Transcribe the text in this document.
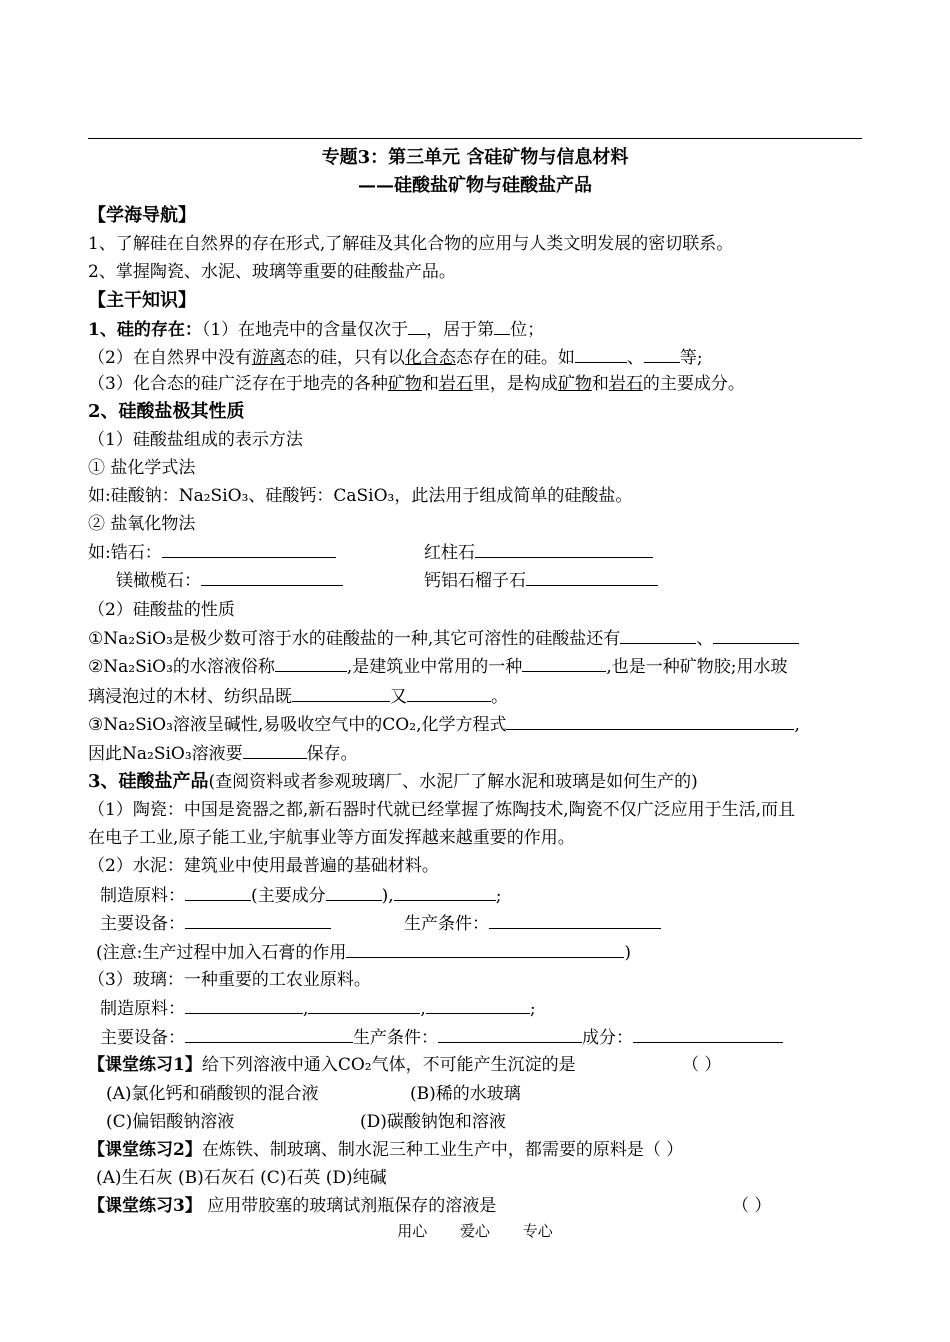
专题3：第三单元 含硅矿物与信息材料
——硅酸盐矿物与硅酸盐产品
【学海导航】
1、了解硅在自然界的存在形式,了解硅及其化合物的应用与人类文明发展的密切联系。
2、掌握陶瓷、水泥、玻璃等重要的硅酸盐产品。
【主干知识】
1、硅的存在：（1）在地壳中的含量仅次于 ，居于第 位；
（2）在自然界中没有游离态的硅，只有以化合态态存在的硅。如	、 等;
（3）化合态的硅广泛存在于地壳的各种矿物和岩石里，是构成矿物和岩石的主要成分。
2、硅酸盐极其性质
（1）硅酸盐组成的表示方法
① 盐化学式法
如:硅酸钠：Na₂SiO₃、硅酸钙：CaSiO₃，此法用于组成简单的硅酸盐。
② 盐氧化物法
如:锆石：	红柱石
镁橄榄石：	钙铝石榴子石
（2）硅酸盐的性质
①Na₂SiO₃是极少数可溶于水的硅酸盐的一种,其它可溶性的硅酸盐还有	、
②Na₂SiO₃的水溶液俗称	,是建筑业中常用的一种	,也是一种矿物胶;用水玻
璃浸泡过的木材、纺织品既	又	。
③Na₂SiO₃溶液呈碱性,易吸收空气中的CO₂,化学方程式	,
因此Na₂SiO₃溶液要	保存。
3、硅酸盐产品(查阅资料或者参观玻璃厂、水泥厂了解水泥和玻璃是如何生产的)
（1）陶瓷：中国是瓷器之都,新石器时代就已经掌握了炼陶技术,陶瓷不仅广泛应用于生活,而且
在电子工业,原子能工业,宇航事业等方面发挥越来越重要的作用。
（2）水泥：建筑业中使用最普遍的基础材料。
制造原料：	(主要成分	),	;
主要设备：	生产条件：
(注意:生产过程中加入石膏的作用	)
（3）玻璃：一种重要的工农业原料。
制造原料：	,	,	;
主要设备：	生产条件：	成分：
【课堂练习1】给下列溶液中通入CO₂气体，不可能产生沉淀的是	（ ）
(A)氯化钙和硝酸钡的混合液	(B)稀的水玻璃
(C)偏铝酸钠溶液	(D)碳酸钠饱和溶液
【课堂练习2】在炼铁、制玻璃、制水泥三种工业生产中，都需要的原料是（ ）
(A)生石灰 (B)石灰石 (C)石英 (D)纯碱
【课堂练习3】 应用带胶塞的玻璃试剂瓶保存的溶液是	（ ）
用心 爱心 专心
